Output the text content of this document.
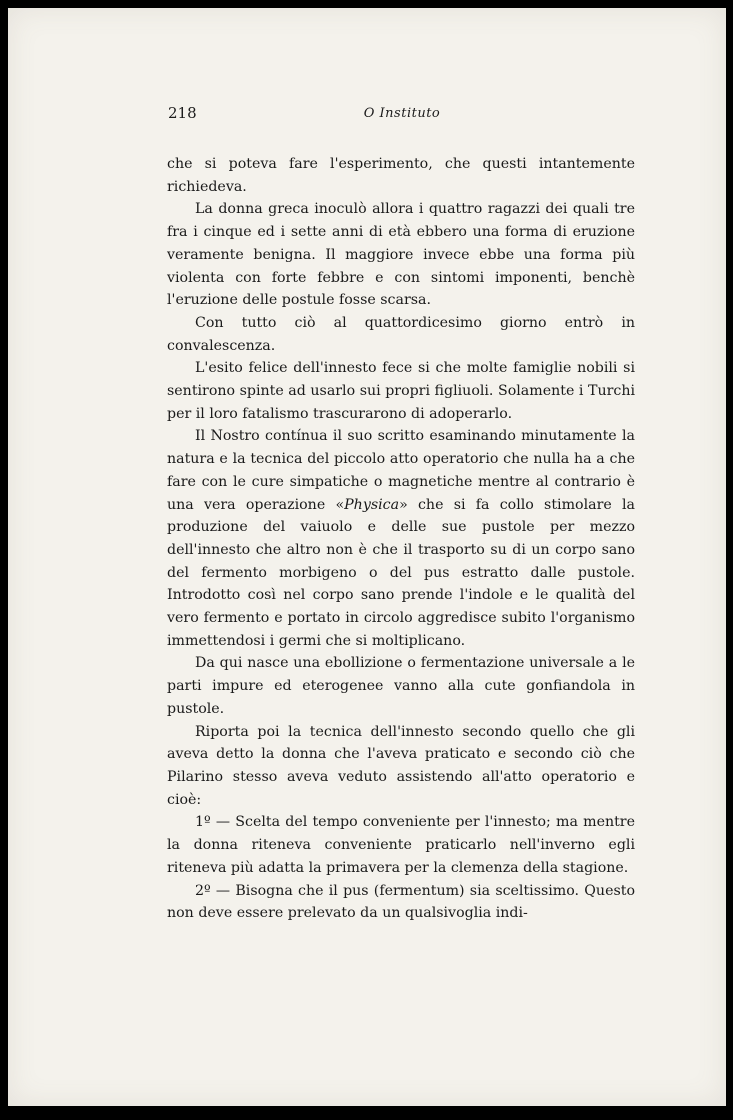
218	O Instituto

che si poteva fare l'esperimento, che questi intantemente richiedeva.

La donna greca inoculò allora i quattro ragazzi dei quali tre fra i cinque ed i sette anni di età ebbero una forma di eruzione veramente benigna. Il maggiore invece ebbe una forma più violenta con forte febbre e con sintomi imponenti, benchè l'eruzione delle postule fosse scarsa.

Con tutto ciò al quattordicesimo giorno entrò in convalescenza.

L'esito felice dell'innesto fece si che molte famiglie nobili si sentirono spinte ad usarlo sui propri figliuoli. Solamente i Turchi per il loro fatalismo trascurarono di adoperarlo.

Il Nostro contínua il suo scritto esaminando minutamente la natura e la tecnica del piccolo atto operatorio che nulla ha a che fare con le cure simpatiche o magnetiche mentre al contrario è una vera operazione «Physica» che si fa collo stimolare la produzione del vaiuolo e delle sue pustole per mezzo dell'innesto che altro non è che il trasporto su di un corpo sano del fermento morbigeno o del pus estratto dalle pustole. Introdotto così nel corpo sano prende l'indole e le qualità del vero fermento e portato in circolo aggredisce subito l'organismo immettendosi i germi che si moltiplicano.

Da qui nasce una ebollizione o fermentazione universale a le parti impure ed eterogenee vanno alla cute gonfiandola in pustole.

Riporta poi la tecnica dell'innesto secondo quello che gli aveva detto la donna che l'aveva praticato e secondo ciò che Pilarino stesso aveva veduto assistendo all'atto operatorio e cioè:

1º — Scelta del tempo conveniente per l'innesto; ma mentre la donna riteneva conveniente praticarlo nell'inverno egli riteneva più adatta la primavera per la clemenza della stagione.

2º — Bisogna che il pus (fermentum) sia sceltissimo. Questo non deve essere prelevato da un qualsivoglia indi-
